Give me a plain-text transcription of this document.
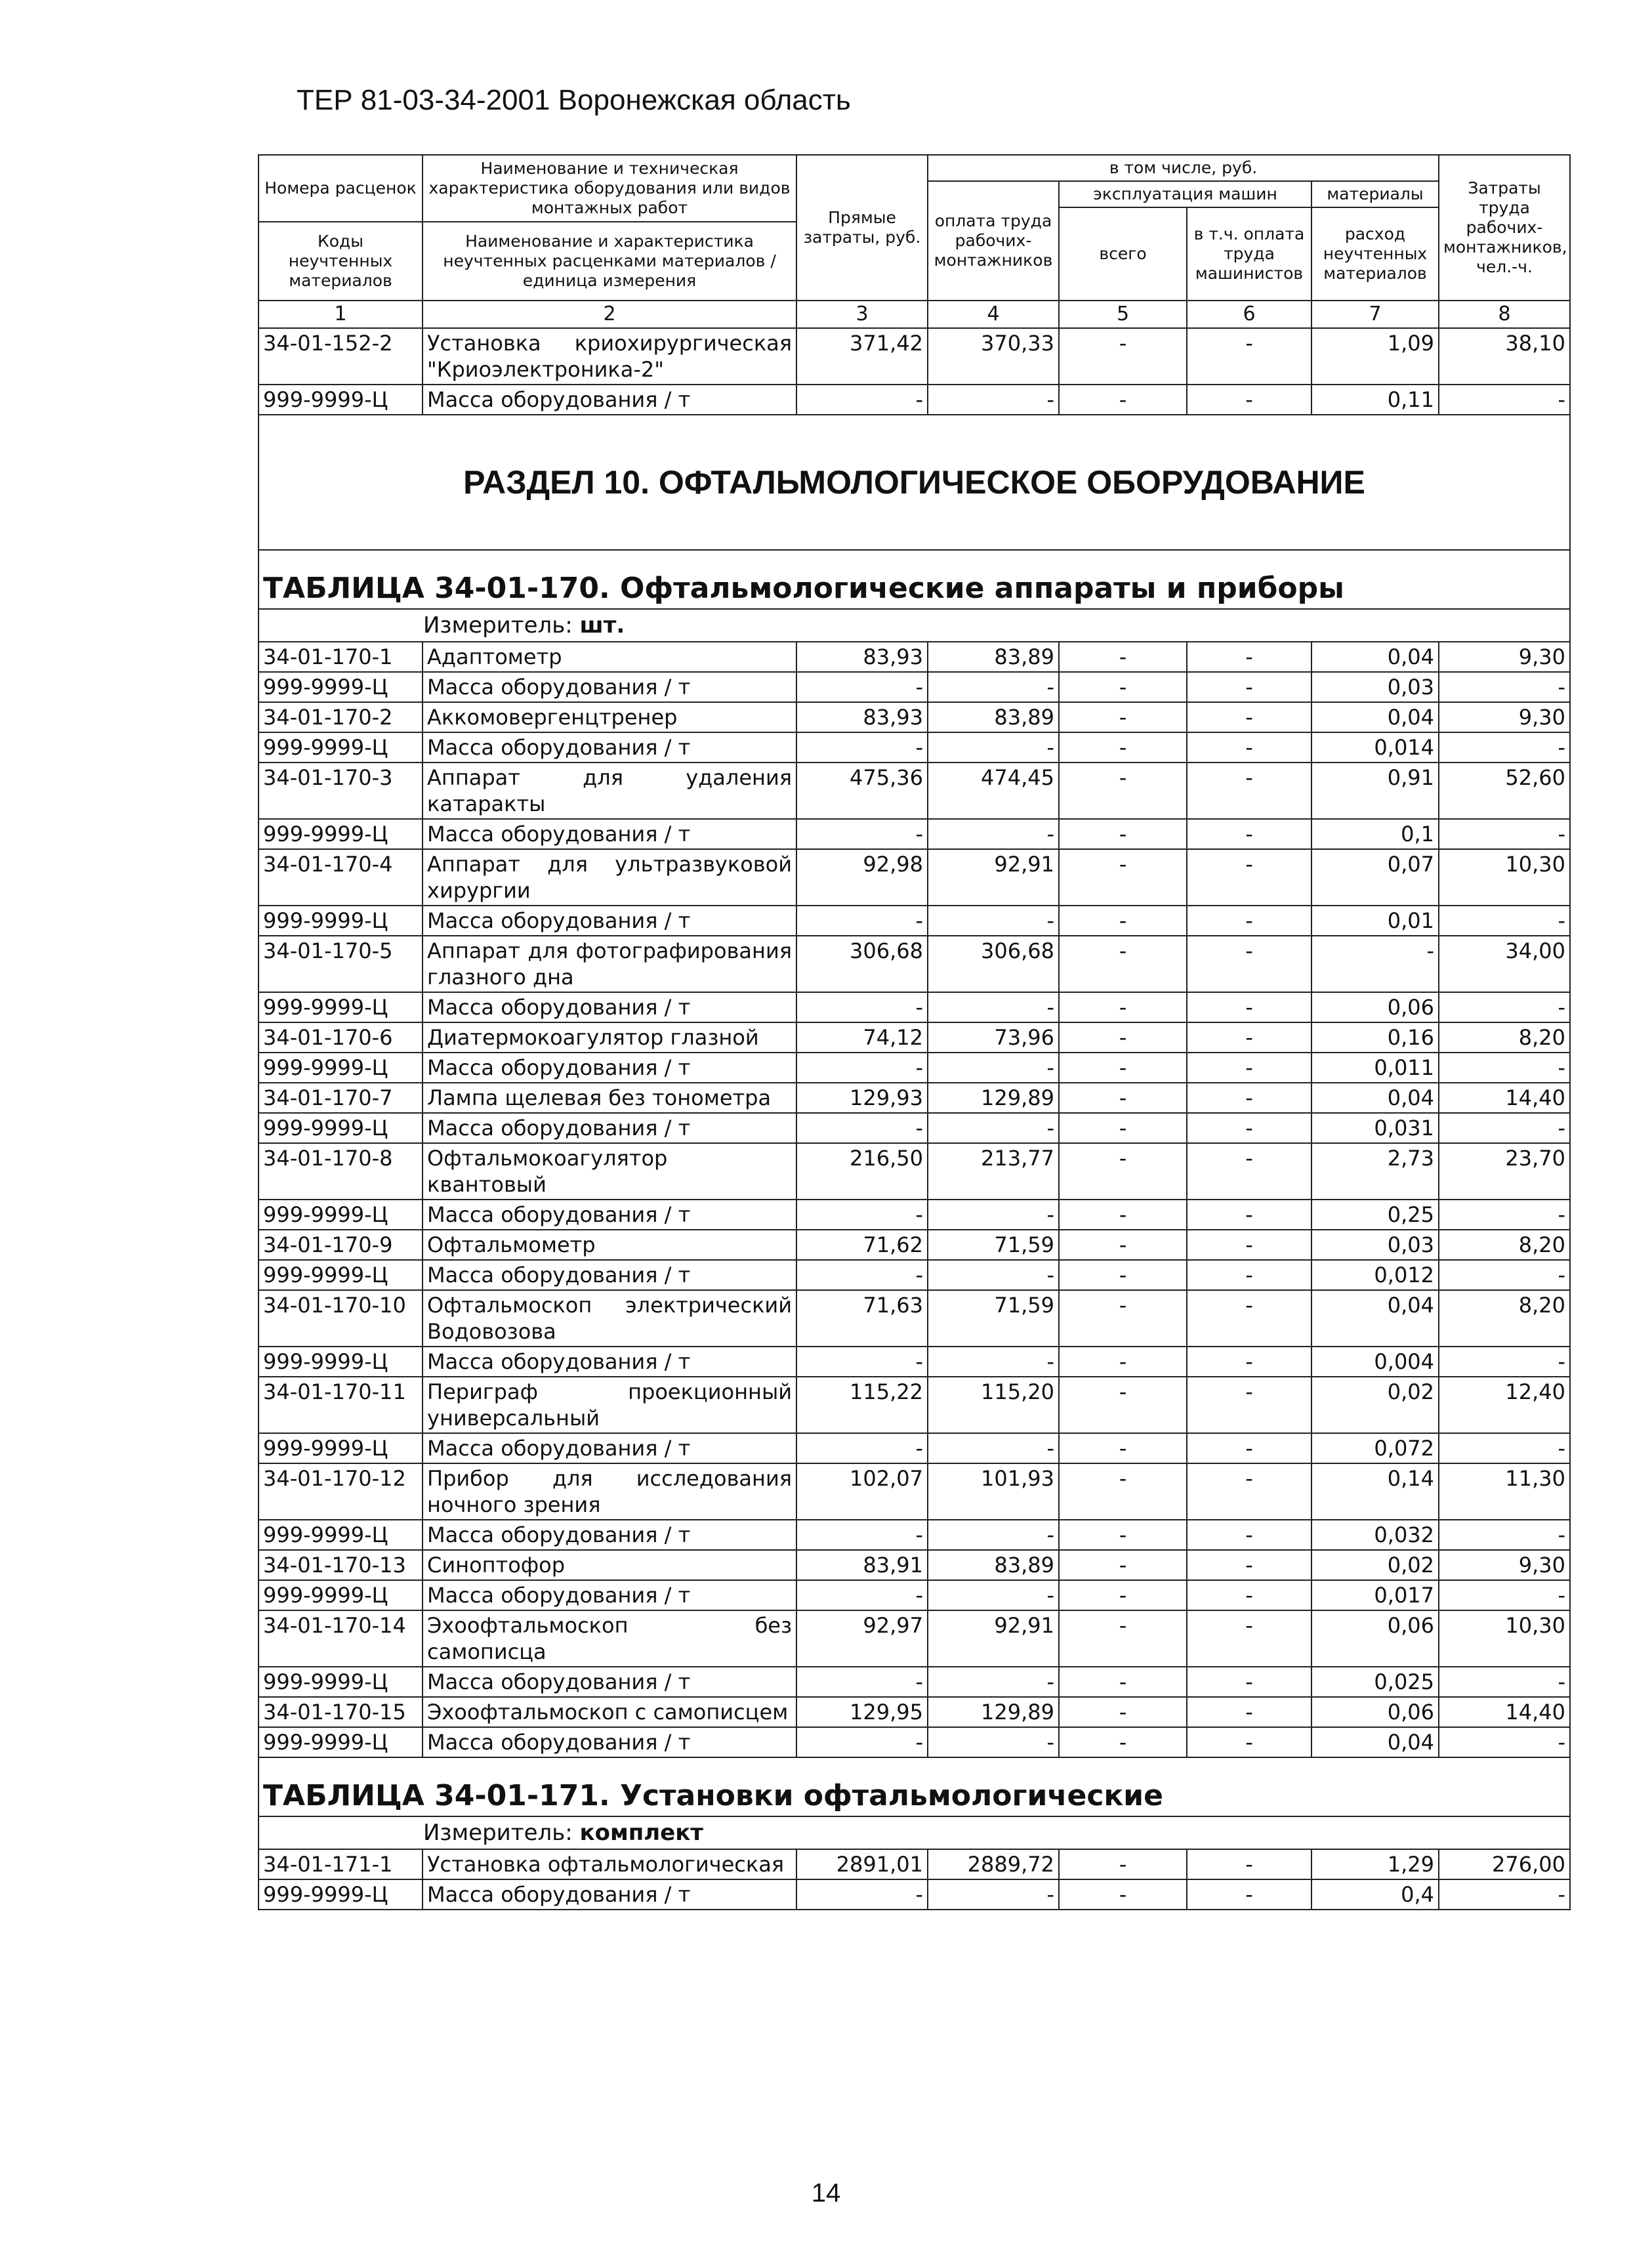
ТЕР 81-03-34-2001 Воронежская область
Номера расценок	Наименование и техническая характеристика оборудования или видов монтажных работ	Прямые затраты, руб.	в том числе, руб.				Затраты труда рабочих-монтажников, чел.-ч.
			оплата труда рабочих-монтажников	эксплуатация машин		материалы	
				всего	в т.ч. оплата труда машинистов	расход неучтенных материалов	
Коды неучтенных материалов	Наименование и характеристика неучтенных расценками материалов / единица измерения						

1	2	3	4	5	6	7	8
34-01-152-2	Установка криохирургическая "Криоэлектроника-2"	371,42	370,33	-	-	1,09	38,10
999-9999-Ц	Масса оборудования / т	-	-	-	-	0,11	-
РАЗДЕЛ 10. ОФТАЛЬМОЛОГИЧЕСКОЕ ОБОРУДОВАНИЕ							
ТАБЛИЦА 34-01-170. Офтальмологические аппараты и приборы							
Измеритель: шт.							
34-01-170-1	Адаптометр	83,93	83,89	-	-	0,04	9,30
999-9999-Ц	Масса оборудования / т	-	-	-	-	0,03	-
34-01-170-2	Аккомовергенцтренер	83,93	83,89	-	-	0,04	9,30
999-9999-Ц	Масса оборудования / т	-	-	-	-	0,014	-
34-01-170-3	Аппарат для удаления катаракты	475,36	474,45	-	-	0,91	52,60
999-9999-Ц	Масса оборудования / т	-	-	-	-	0,1	-
34-01-170-4	Аппарат для ультразвуковой хирургии	92,98	92,91	-	-	0,07	10,30
999-9999-Ц	Масса оборудования / т	-	-	-	-	0,01	-
34-01-170-5	Аппарат для фотографирования глазного дна	306,68	306,68	-	-	-	34,00
999-9999-Ц	Масса оборудования / т	-	-	-	-	0,06	-
34-01-170-6	Диатермокоагулятор глазной	74,12	73,96	-	-	0,16	8,20
999-9999-Ц	Масса оборудования / т	-	-	-	-	0,011	-
34-01-170-7	Лампа щелевая без тонометра	129,93	129,89	-	-	0,04	14,40
999-9999-Ц	Масса оборудования / т	-	-	-	-	0,031	-
34-01-170-8	Офтальмокоагулятор квантовый	216,50	213,77	-	-	2,73	23,70
999-9999-Ц	Масса оборудования / т	-	-	-	-	0,25	-
34-01-170-9	Офтальмометр	71,62	71,59	-	-	0,03	8,20
999-9999-Ц	Масса оборудования / т	-	-	-	-	0,012	-
34-01-170-10	Офтальмоскоп электрический Водовозова	71,63	71,59	-	-	0,04	8,20
999-9999-Ц	Масса оборудования / т	-	-	-	-	0,004	-
34-01-170-11	Периграф проекционный универсальный	115,22	115,20	-	-	0,02	12,40
999-9999-Ц	Масса оборудования / т	-	-	-	-	0,072	-
34-01-170-12	Прибор для исследования ночного зрения	102,07	101,93	-	-	0,14	11,30
999-9999-Ц	Масса оборудования / т	-	-	-	-	0,032	-
34-01-170-13	Синоптофор	83,91	83,89	-	-	0,02	9,30
999-9999-Ц	Масса оборудования / т	-	-	-	-	0,017	-
34-01-170-14	Эхоофтальмоскоп без самописца	92,97	92,91	-	-	0,06	10,30
999-9999-Ц	Масса оборудования / т	-	-	-	-	0,025	-
34-01-170-15	Эхоофтальмоскоп с самописцем	129,95	129,89	-	-	0,06	14,40
999-9999-Ц	Масса оборудования / т	-	-	-	-	0,04	-
ТАБЛИЦА 34-01-171. Установки офтальмологические							
Измеритель: комплект							
34-01-171-1	Установка офтальмологическая	2891,01	2889,72	-	-	1,29	276,00
999-9999-Ц	Масса оборудования / т	-	-	-	-	0,4	-
14
